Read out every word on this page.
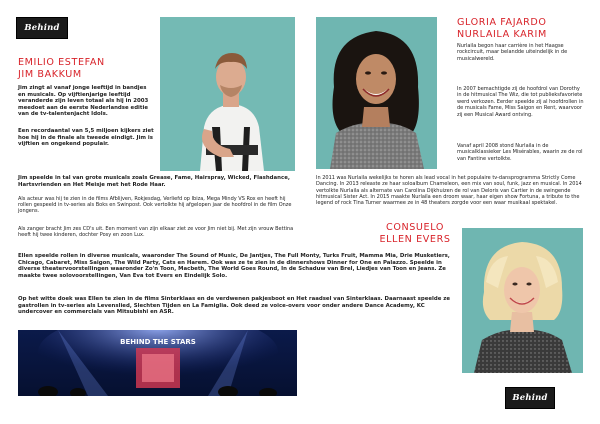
Behind The Stars
EMILIO ESTEFAN
JIM BAKKUM
Jim zingt al vanaf jonge leeftijd in bandjes en musicals. Op vijftienjarige leeftijd veranderde zijn leven totaal als hij in 2003 meedoet aan de eerste Nederlandse editie van de tv-talentenjacht Idols.
Een recordaantal van 5,5 miljoen kijkers ziet hoe hij in de finale als tweede eindigt. Jim is vijftien en ongekend populair.
Jim speelde in tal van grote musicals zoals Grease, Fame, Hairspray, Wicked, Flashdance, Hartsvrienden en Het Meisje met het Rode Haar.
Als acteur was hij te zien in de films Afblijven, Rokjesdag, Verliefd op Ibiza, Mega Mindy VS Rox en heeft hij rollen gespeeld in tv-series als Boks en Swinpost. Ook vertolkte hij afgelopen jaar de hoofdrol in de film Onze jongens.
Als zanger bracht Jim zes CD's uit. Een moment van zijn elkaar ziet ze voor Jim niet bij. Met zijn vrouw Bettina heeft hij twee kinderen, dochter Posy en zoon Lux.
GLORIA FAJARDO
NURLAILA KARIM
Nurlaila begon haar carrière in het Haagse rockcircuit, maar belandde uiteindelijk in de musicalwereld.
In 2007 bemachtigde zij de hoofdrol van Dorothy in de hitmusical The Wiz, die tot publieksfavoriete werd verkozen. Eerder speelde zij al hoofdrollen in de musicals Fame, Miss Saigon en Rent, waarvoor zij een Musical Award ontving.
Vanaf april 2008 stond Nurlaila in de musicalklassieker Les Misérables, waarin ze de rol van Fantine vertolkte.
In 2011 was Nurlaila wekelijks te horen als lead vocal in het populaire tv-dansprogramma Strictly Come Dancing. In 2013 releaste ze haar soloalbum Chameleon, een mix van soul, funk, jazz en musical. In 2014 vertolkte Nurlaila als alternate van Carolina Dijkhuizen de rol van Deloris van Cartier in de swingende hitmusical Sister Act. In 2015 maakte Nurlaila een droom waar, haar eigen show Fortuna, a tribute to the legend of rock Tina Turner waarmee ze in 48 theaters zorgde voor een waar musikaal spektakel.
CONSUELO
ELLEN EVERS
Ellen speelde rollen in diverse musicals, waaronder The Sound of Music, De Jantjes, The Full Monty, Turks Fruit, Mamma Mia, Drie Musketiers, Chicago, Cabaret, Miss Saigon, The Wild Party, Cats en Harem. Ook was ze te zien in de dinnershows Dinner for One en Palazzo. Speelde in diverse theatervoorstellingen waaronder Zo'n Toon, Macbeth, The World Goes Round, In de Schaduw van Brel, Liedjes van Toon en Jeans. Ze maakte twee solovoorstellingen, Van Eva tot Evers en Eindelijk Solo.
Op het witte doek was Ellen te zien in de films Sinterklaas en de verdwenen pakjesboot en Het raadsel van Sinterklaas. Daarnaast speelde ze gastrollen in tv-series als Levenslied, Slechten Tijden en La Famiglia. Ook deed ze voice-overs voor onder andere Dance Academy, KC undercover en commercials van Mitsubishi en ASR.
BEHIND THE STARS
Behind The Stars
